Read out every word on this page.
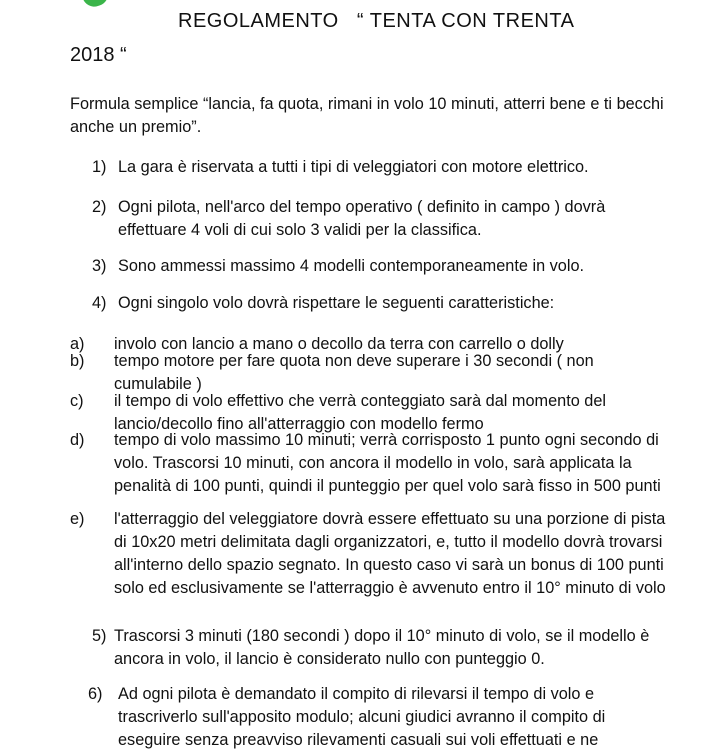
REGOLAMENTO   “ TENTA CON TRENTA
2018 “
Formula semplice “lancia, fa quota, rimani in volo 10 minuti, atterri bene e ti becchi anche un premio”.
1) La gara è riservata a tutti i tipi di veleggiatori con motore elettrico.
2) Ogni pilota, nell'arco del tempo operativo ( definito in campo ) dovrà effettuare 4 voli di cui solo 3 validi per la classifica.
3) Sono ammessi massimo 4 modelli contemporaneamente in volo.
4) Ogni singolo volo dovrà rispettare le seguenti caratteristiche:
a) involo con lancio a mano o decollo da terra con carrello o dolly
b) tempo motore per fare quota non deve superare i 30 secondi ( non cumulabile )
c) il tempo di volo effettivo che verrà conteggiato sarà dal momento del lancio/decollo fino all'atterraggio con modello fermo
d) tempo di volo massimo 10 minuti; verrà corrisposto 1 punto ogni secondo di volo. Trascorsi 10 minuti, con ancora il modello in volo, sarà applicata la penalità di 100 punti, quindi il punteggio per quel volo sarà fisso in 500 punti
e) l'atterraggio del veleggiatore dovrà essere effettuato su una porzione di pista di 10x20 metri delimitata dagli organizzatori, e, tutto il modello dovrà trovarsi all'interno dello spazio segnato. In questo caso vi sarà un bonus di 100 punti solo ed esclusivamente se l'atterraggio è avvenuto entro il 10° minuto di volo
5) Trascorsi 3 minuti (180 secondi ) dopo il 10° minuto di volo, se il modello è ancora in volo, il lancio è considerato nullo con punteggio 0.
6) Ad ogni pilota è demandato il compito di rilevarsi il tempo di volo e trascriverlo sull'apposito modulo; alcuni giudici avranno il compito di eseguire senza preavviso rilevamenti casuali sui voli effettuati e ne
